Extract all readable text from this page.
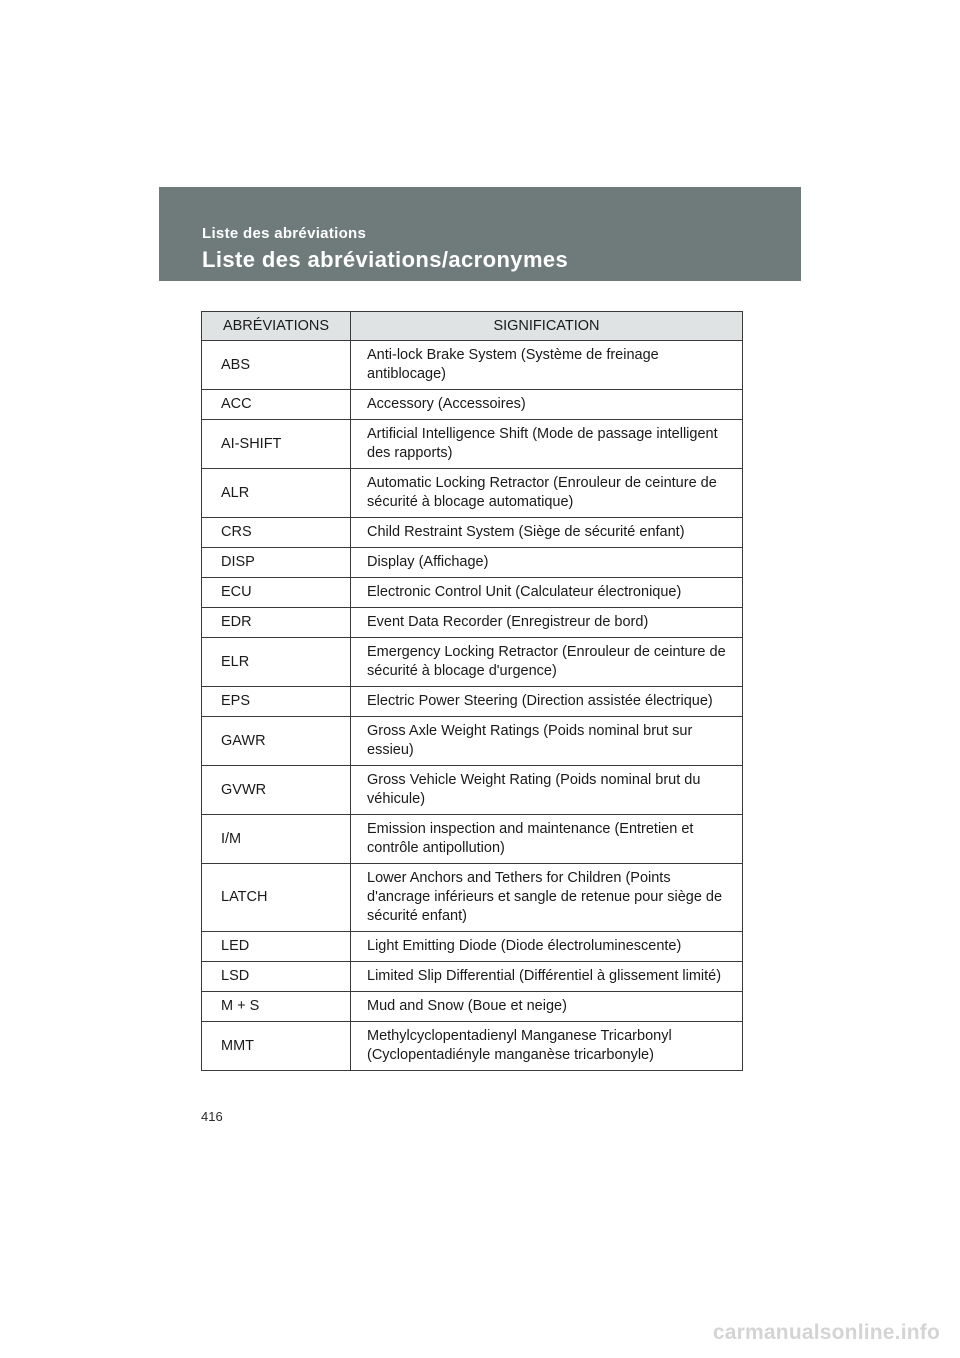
Liste des abréviations
Liste des abréviations/acronymes
ABRÉVIATIONS	SIGNIFICATION
ABS	Anti-lock Brake System (Système de freinage antiblocage)
ACC	Accessory (Accessoires)
AI-SHIFT	Artificial Intelligence Shift (Mode de passage intelligent des rapports)
ALR	Automatic Locking Retractor (Enrouleur de ceinture de sécurité à blocage automatique)
CRS	Child Restraint System (Siège de sécurité enfant)
DISP	Display (Affichage)
ECU	Electronic Control Unit (Calculateur électronique)
EDR	Event Data Recorder (Enregistreur de bord)
ELR	Emergency Locking Retractor (Enrouleur de ceinture de sécurité à blocage d'urgence)
EPS	Electric Power Steering (Direction assistée électrique)
GAWR	Gross Axle Weight Ratings (Poids nominal brut sur essieu)
GVWR	Gross Vehicle Weight Rating (Poids nominal brut du véhicule)
I/M	Emission inspection and maintenance (Entretien et contrôle antipollution)
LATCH	Lower Anchors and Tethers for Children (Points d'ancrage inférieurs et sangle de retenue pour siège de sécurité enfant)
LED	Light Emitting Diode (Diode électroluminescente)
LSD	Limited Slip Differential (Différentiel à glissement limité)
M + S	Mud and Snow (Boue et neige)
MMT	Methylcyclopentadienyl Manganese Tricarbonyl (Cyclopentadiényle manganèse tricarbonyle)
416
carmanualsonline.info
